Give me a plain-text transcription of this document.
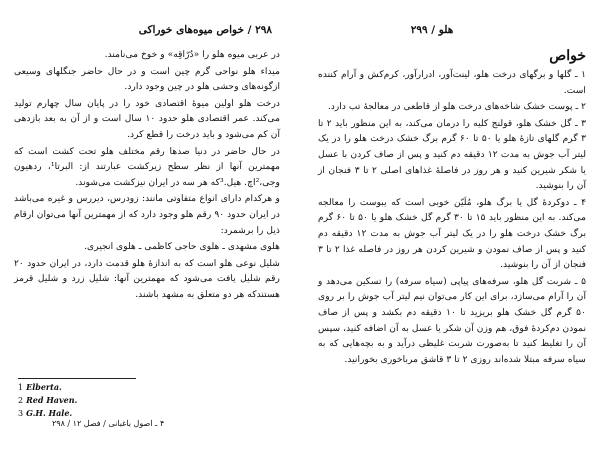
۲۹۸ / خواص میوه‌های خوراکی

در عربی میوه هلو را «دُرّاقِه» و خوخ می‌نامند.

میداء هلو نواحی گرم چین است و در حال حاضر جنگلهای وسیعی ازگونه‌های وحشی هلو در چین وجود دارد.

درخت هلو اولین میوهٔ اقتصادی خود را در پایان سال چهارم تولید می‌کند. عمر اقتصادی هلو حدود ۱۰ سال است و از آن به بعد بازدهی آن کم می‌شود و باید درخت را قطع کرد.

در حال حاضر در دنیا صدها رقم مختلف هلو تحت کشت است که مهمترین آنها از نظر سطح زیرکشت عبارتند از: البرتا¹، ردهیون وجی،²اچ. هیل.³که هر سه در ایران نیزکشت می‌شوند.

و هرکدام دارای انواع متفاوتی مانند: زودرس، دیررس و غیره می‌باشد در ایران حدود ۹۰ رقم هلو وجود دارد که از مهمترین آنها می‌توان ارقام ذیل را برشمرد:

هلوی مشهدی ـ هلوی حاجی کاظمی ـ هلوی انجیری.

شلیل نوعی هلو است که به اندازهٔ هلو قدمت دارد، در ایران حدود ۲۰ رقم شلیل یافت می‌شود که مهمترین آنها: شلیل زرد و شلیل قرمز هستندکه هر دو متعلق به مشهد باشند.

1 Elberta.
2 Red Haven.
3 G.H. Hale.
۴ ـ اصول باغبانی / فصل ۱۲ / ۲۹۸
هلو / ۲۹۹
خواص

۱ ـ گلها و برگهای درخت هلو، لینت‌آور، ادرارآور، کرم‌کش و آرام کننده است.

۲ ـ پوست خشک شاخه‌های درخت هلو از قاطعی در معالجهٔ تب دارد.

۳ ـ گل خشک هلو، قولنج کلیه را درمان می‌کند، به این منظور باید ۲ تا ۳ گرم گلهای تازهٔ هلو یا ۵۰ تا ۶۰ گرم برگ خشک درخت هلو را در یک لیتر آب جوش به مدت ۱۲ دقیقه دم کنید و پس از صاف کردن با عسل یا شکر شیرین کنید و هر روز در فاصلهٔ غذاهای اصلی ۲ تا ۳ فنجان از آن را بنوشید.

۴ ـ دوکردهٔ گل یا برگ هلو، مُلَیّن خوبی است که یبوست را معالجه می‌کند. به این منظور باید ۱۵ تا ۳۰ گرم گل خشک هلو یا ۵۰ تا ۶۰ گرم برگ خشک درخت هلو را در یک لیتر آب جوش به مدت ۱۲ دقیقه دم کنید و پس از صاف نمودن و شیرین کردن هر روز در فاصله غذا ۲ تا ۳ فنجان از آن را بنوشید.

۵ ـ شربت گل هلو، سرفه‌های پیاپی (سیاه سرفه) را تسکین می‌دهد و آن را آرام می‌سازد، برای این کار می‌توان نیم لیتر آب جوش را بر روی ۵۰ گرم گل خشک هلو بریزید تا ۱۰ دقیقه دم بکشد و پس از صاف نمودن دم‌کردهٔ فوق، هم وزن آن شکر یا عسل به آن اضافه کنید، سپس آن را تغلیظ کنید تا به‌صورت شربت غلیظی درآید و به بچه‌هایی که به سیاه سرفه مبتلا شده‌اند روزی ۲ تا ۳ قاشق مرباخوری بخورانید.
